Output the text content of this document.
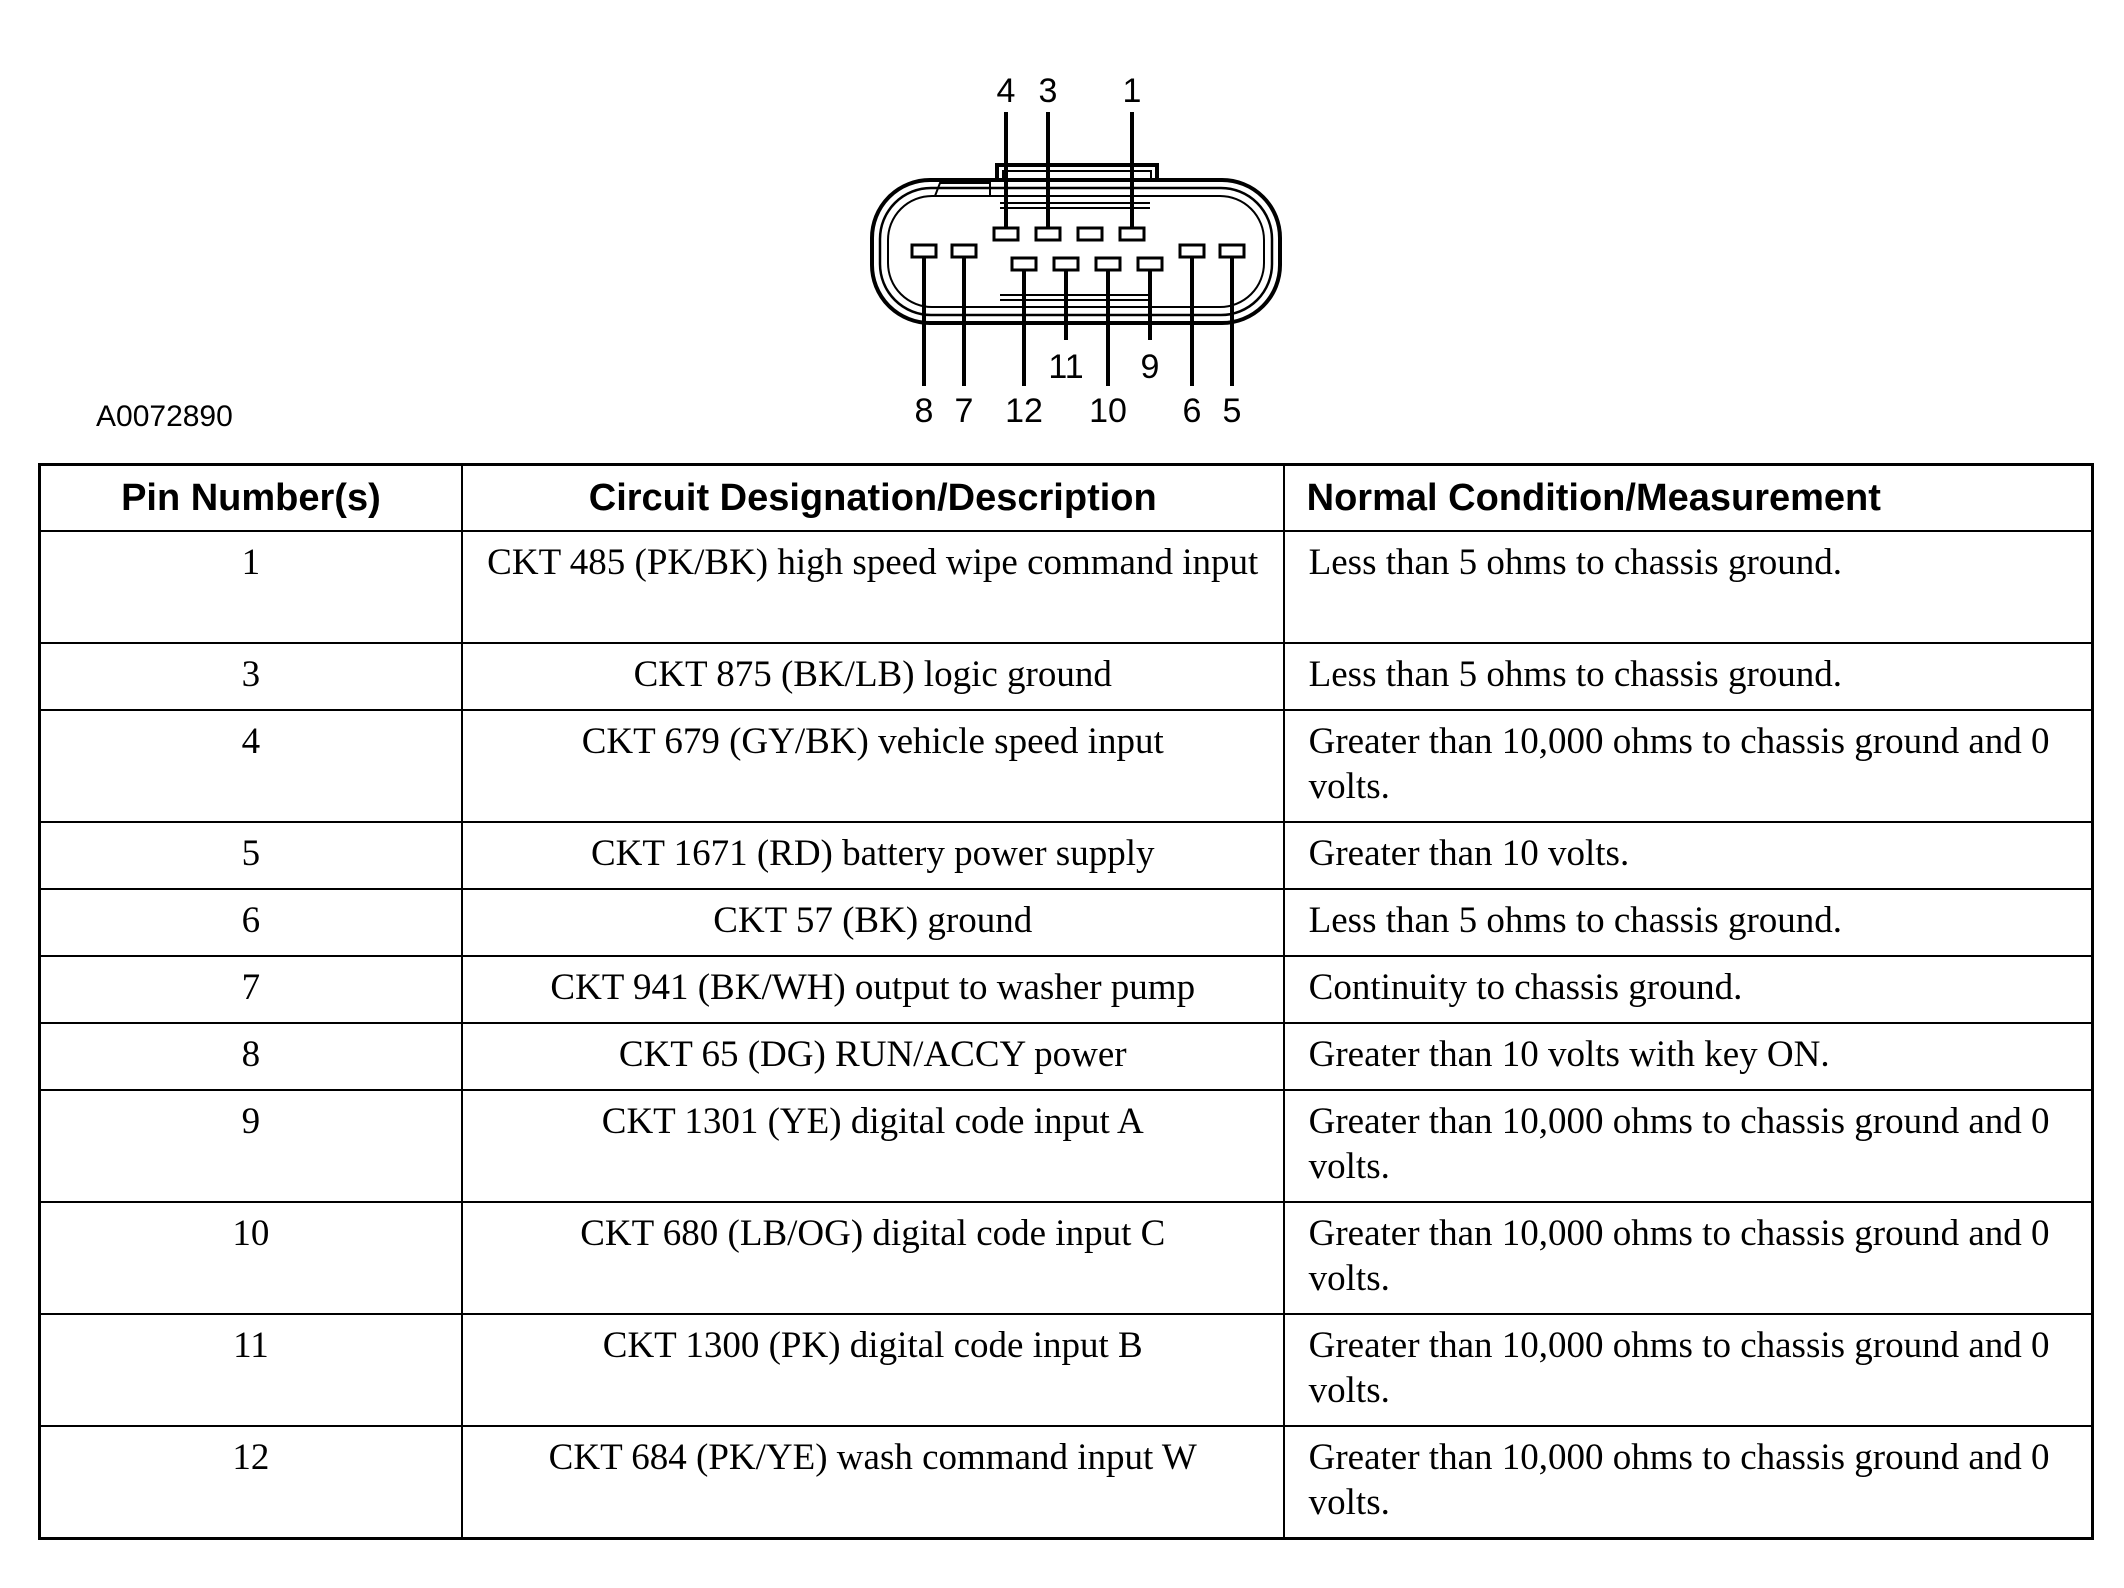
4 3 1
11 9
8 7 12 10 6 5
A0072890
Pin Number(s)	Circuit Designation/Description	Normal Condition/Measurement
1	CKT 485 (PK/BK) high speed wipe command input	Less than 5 ohms to chassis ground.
3	CKT 875 (BK/LB) logic ground	Less than 5 ohms to chassis ground.
4	CKT 679 (GY/BK) vehicle speed input	Greater than 10,000 ohms to chassis ground and 0 volts.
5	CKT 1671 (RD) battery power supply	Greater than 10 volts.
6	CKT 57 (BK) ground	Less than 5 ohms to chassis ground.
7	CKT 941 (BK/WH) output to washer pump	Continuity to chassis ground.
8	CKT 65 (DG) RUN/ACCY power	Greater than 10 volts with key ON.
9	CKT 1301 (YE) digital code input A	Greater than 10,000 ohms to chassis ground and 0 volts.
10	CKT 680 (LB/OG) digital code input C	Greater than 10,000 ohms to chassis ground and 0 volts.
11	CKT 1300 (PK) digital code input B	Greater than 10,000 ohms to chassis ground and 0 volts.
12	CKT 684 (PK/YE) wash command input W	Greater than 10,000 ohms to chassis ground and 0 volts.
